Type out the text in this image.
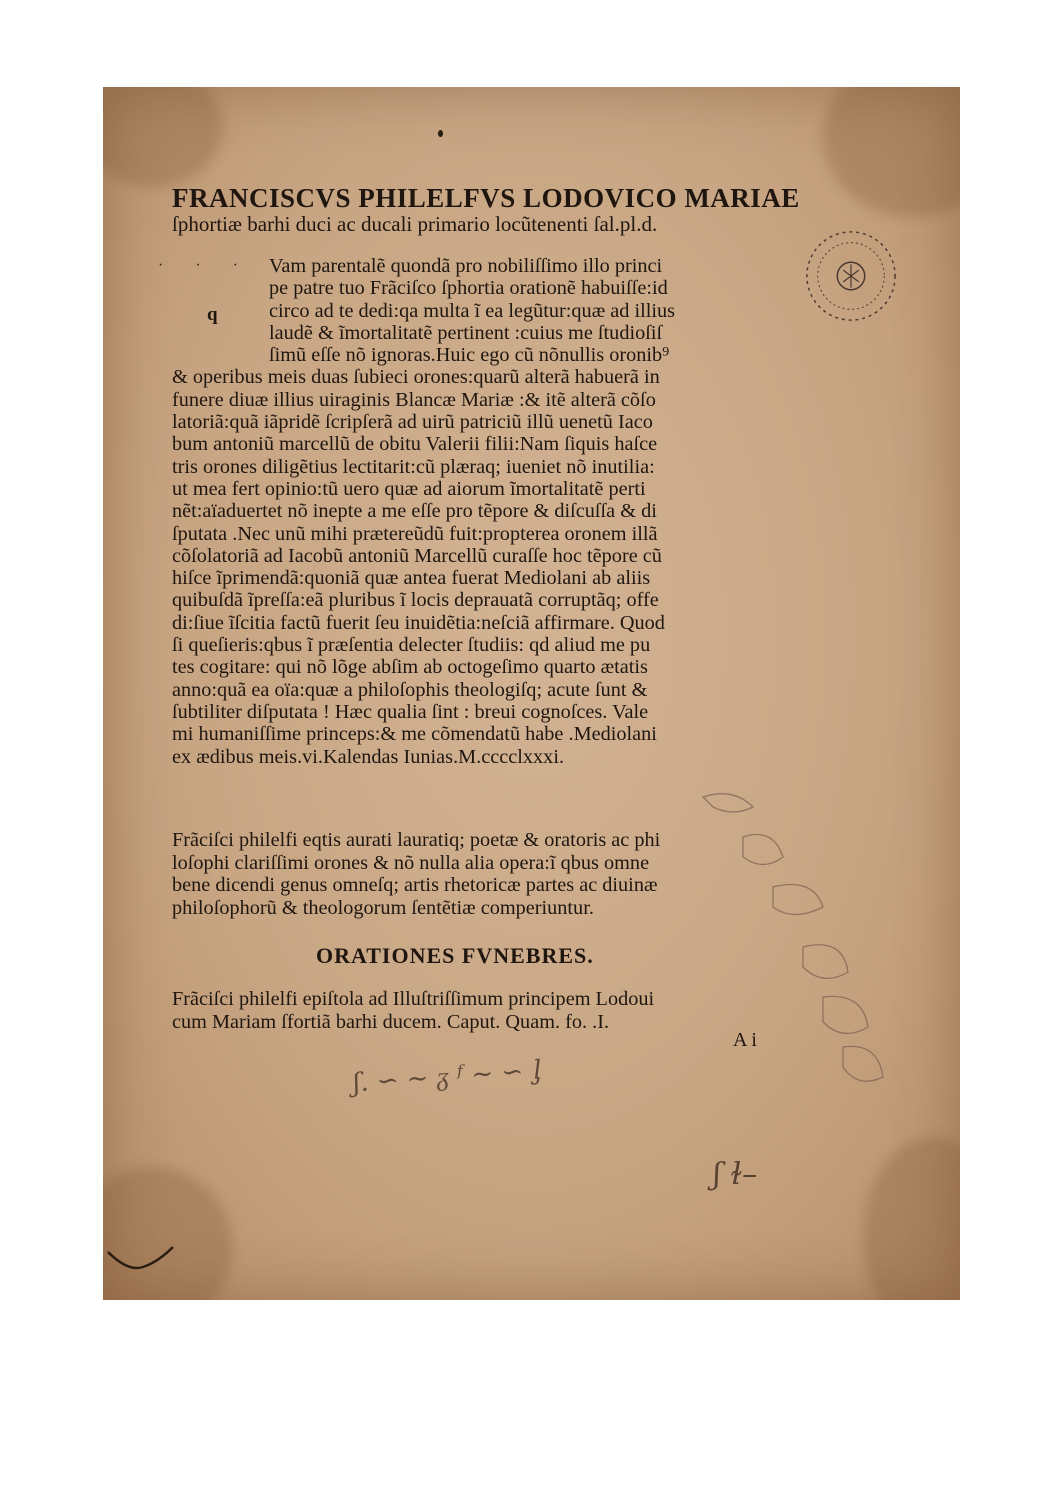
FRANCISCVS PHILELFVS LODOVICO MARIAE
ſphortiæ barhi duci ac ducali primario locũtenenti ſal.pl.d.
· · ·
q
Vam parentalẽ quondã pro nobiliſſimo illo princi
pe patre tuo Frãciſco ſphortia orationẽ habuiſſe:id
circo ad te dedi:qa multa ĩ ea legũtur:quæ ad illius
laudẽ & ĩmortalitatẽ pertinent :cuius me ſtudioſiſ
ſimũ eſſe nõ ignoras.Huic ego cũ nõnullis oronib⁹
& operibus meis duas ſubieci orones:quarũ alterã habuerã in
funere diuæ illius uiraginis Blancæ Mariæ :& itẽ alterã cõſo
latoriã:quã iãpridẽ ſcripſerã ad uirũ patriciũ illũ uenetũ Iaco
bum antoniũ marcellũ de obitu Valerii filii:Nam ſiquis haſce
tris orones diligẽtius lectitarit:cũ plæraq; iueniet nõ inutilia:
ut mea fert opinio:tũ uero quæ ad aiorum ĩmortalitatẽ perti
nẽt:aïaduertet nõ inepte a me eſſe pro tẽpore & diſcuſſa & di
ſputata .Nec unũ mihi prætereũdũ fuit:propterea oronem illã
cõſolatoriã ad Iacobũ antoniũ Marcellũ curaſſe hoc tẽpore cũ
hiſce ĩprimendã:quoniã quæ antea fuerat Mediolani ab aliis
quibuſdã ĩpreſſa:eã pluribus ĩ locis deprauatã corruptãq; offe
di:ſiue ĩſcitia factũ fuerit ſeu inuidẽtia:neſciã affirmare. Quod
ſi queſieris:qbus ĩ præſentia delecter ſtudiis: qd aliud me pu
tes cogitare: qui nõ lõge abſim ab octogeſimo quarto ætatis
anno:quã ea oïa:quæ a philoſophis theologiſq; acute ſunt &
ſubtiliter diſputata ! Hæc qualia ſint : breui cognoſces. Vale
mi humaniſſime princeps:& me cõmendatũ habe .Mediolani
ex ædibus meis.vi.Kalendas Iunias.M.cccclxxxi.
Frãciſci philelfi eqtis aurati lauratiq; poetæ & oratoris ac phi
loſophi clariſſimi orones & nõ nulla alia opera:ĩ qbus omne
bene dicendi genus omneſq; artis rhetoricæ partes ac diuinæ
philoſophorũ & theologorum ſentẽtiæ comperiuntur.
ORATIONES FVNEBRES.
Frãciſci philelfi epiſtola ad Illuſtriſſimum principem Lodoui
cum Mariam ſfortiã barhi ducem. Caput. Quam. fo. .I.
A i
ʃ. ∽ ~ ᵹ ᶠ ~ ∽ ᶅ
ʃ ɫ–
